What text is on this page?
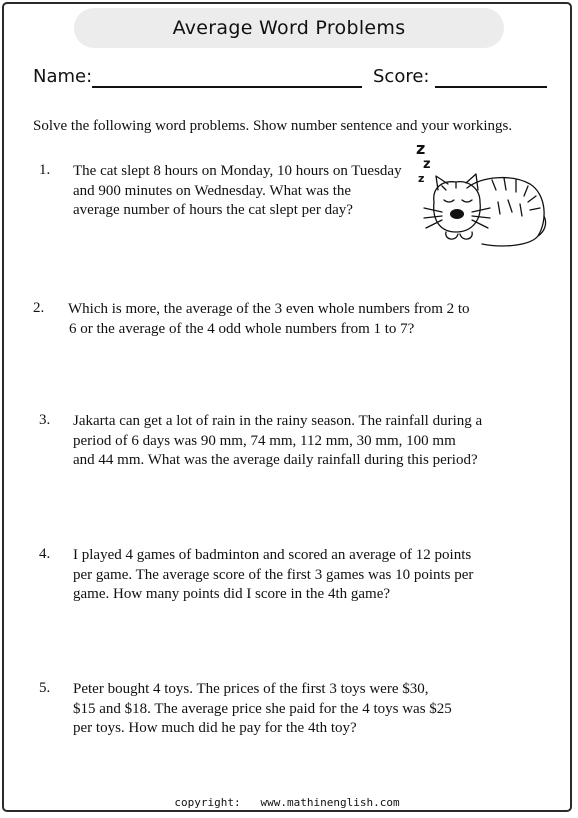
Average Word Problems
Name:	Score:
Solve the following word problems. Show number sentence and your workings.
1. The cat slept 8 hours on Monday, 10 hours on Tuesday
and 900 minutes on Wednesday. What was the
average number of hours the cat slept per day?
2. Which is more, the average of the 3 even whole numbers from 2 to
6 or the average of the 4 odd whole numbers from 1 to 7?
3. Jakarta can get a lot of rain in the rainy season. The rainfall during a
period of 6 days was 90 mm, 74 mm, 112 mm, 30 mm, 100 mm
and 44 mm. What was the average daily rainfall during this period?
4. I played 4 games of badminton and scored an average of 12 points
per game. The average score of the first 3 games was 10 points per
game. How many points did I score in the 4th game?
5. Peter bought 4 toys. The prices of the first 3 toys were $30,
$15 and $18. The average price she paid for the 4 toys was $25
per toys. How much did he pay for the 4th toy?
z
z
z
copyright: www.mathinenglish.com
